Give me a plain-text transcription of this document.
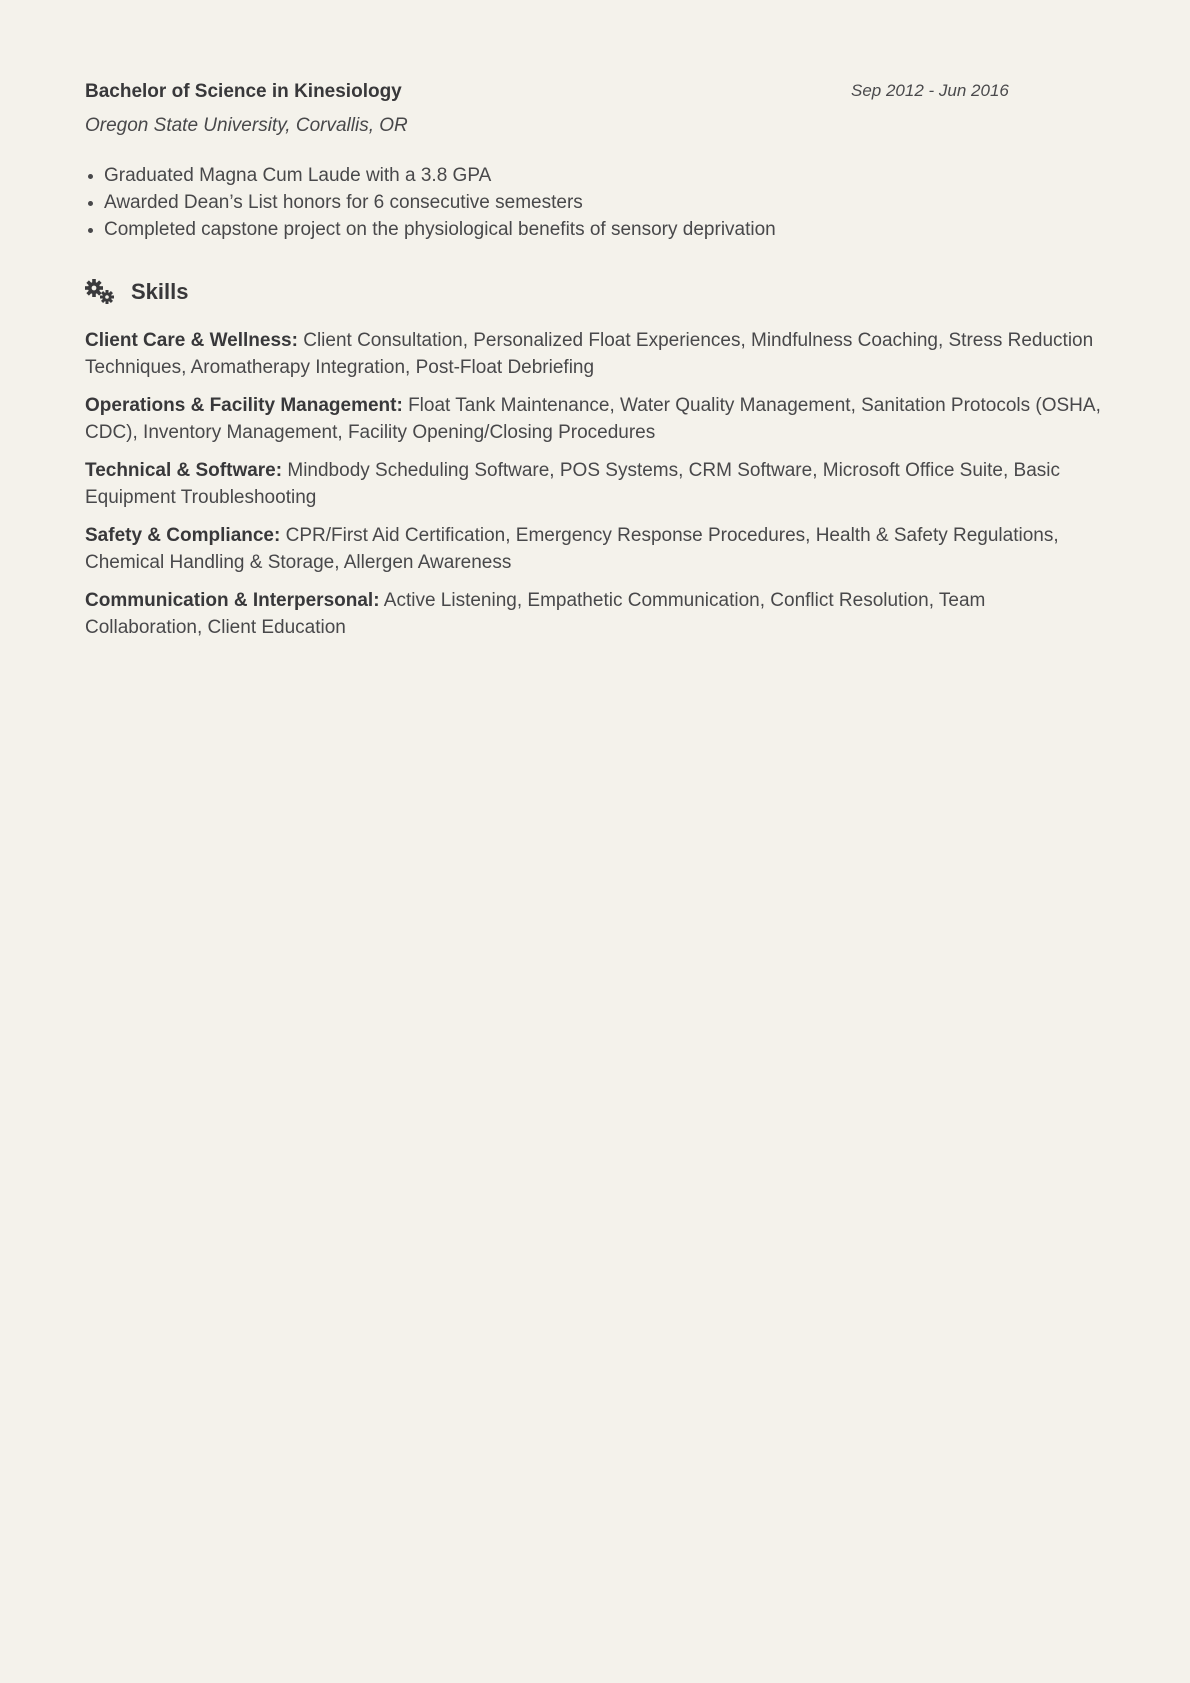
Bachelor of Science in Kinesiology	Sep 2012 - Jun 2016

Oregon State University, Corvallis, OR

Graduated Magna Cum Laude with a 3.8 GPA
Awarded Dean’s List honors for 6 consecutive semesters
Completed capstone project on the physiological benefits of sensory deprivation
Skills

Client Care & Wellness: Client Consultation, Personalized Float Experiences, Mindfulness Coaching, Stress Reduction Techniques, Aromatherapy Integration, Post-Float Debriefing

Operations & Facility Management: Float Tank Maintenance, Water Quality Management, Sanitation Protocols (OSHA, CDC), Inventory Management, Facility Opening/Closing Procedures

Technical & Software: Mindbody Scheduling Software, POS Systems, CRM Software, Microsoft Office Suite, Basic Equipment Troubleshooting

Safety & Compliance: CPR/First Aid Certification, Emergency Response Procedures, Health & Safety Regulations, Chemical Handling & Storage, Allergen Awareness

Communication & Interpersonal: Active Listening, Empathetic Communication, Conflict Resolution, Team Collaboration, Client Education
